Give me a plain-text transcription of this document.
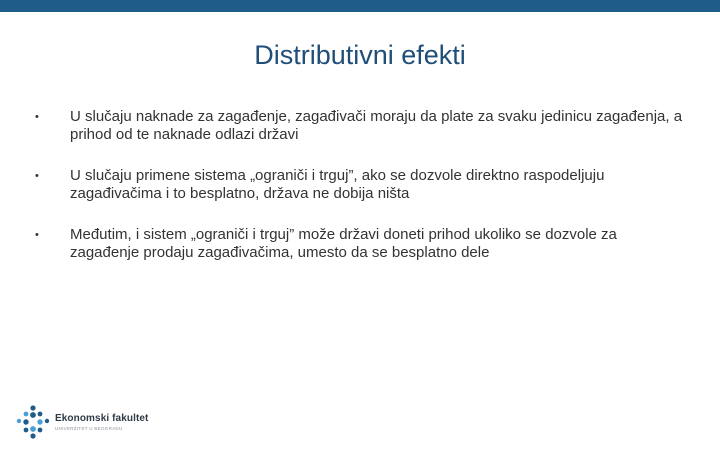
Distributivni efekti
• U slučaju naknade za zagađenje, zagađivači moraju da plate za svaku jedinicu zagađenja, a prihod od te naknade odlazi državi
• U slučaju primene sistema „ograniči i trguj”, ako se dozvole direktno raspodeljuju zagađivačima i to besplatno, država ne dobija ništa
• Međutim, i sistem „ograniči i trguj” može državi doneti prihod ukoliko se dozvole za zagađenje prodaju zagađivačima, umesto da se besplatno dele
Ekonomski fakultet
UNIVERZITET U BEOGRADU
